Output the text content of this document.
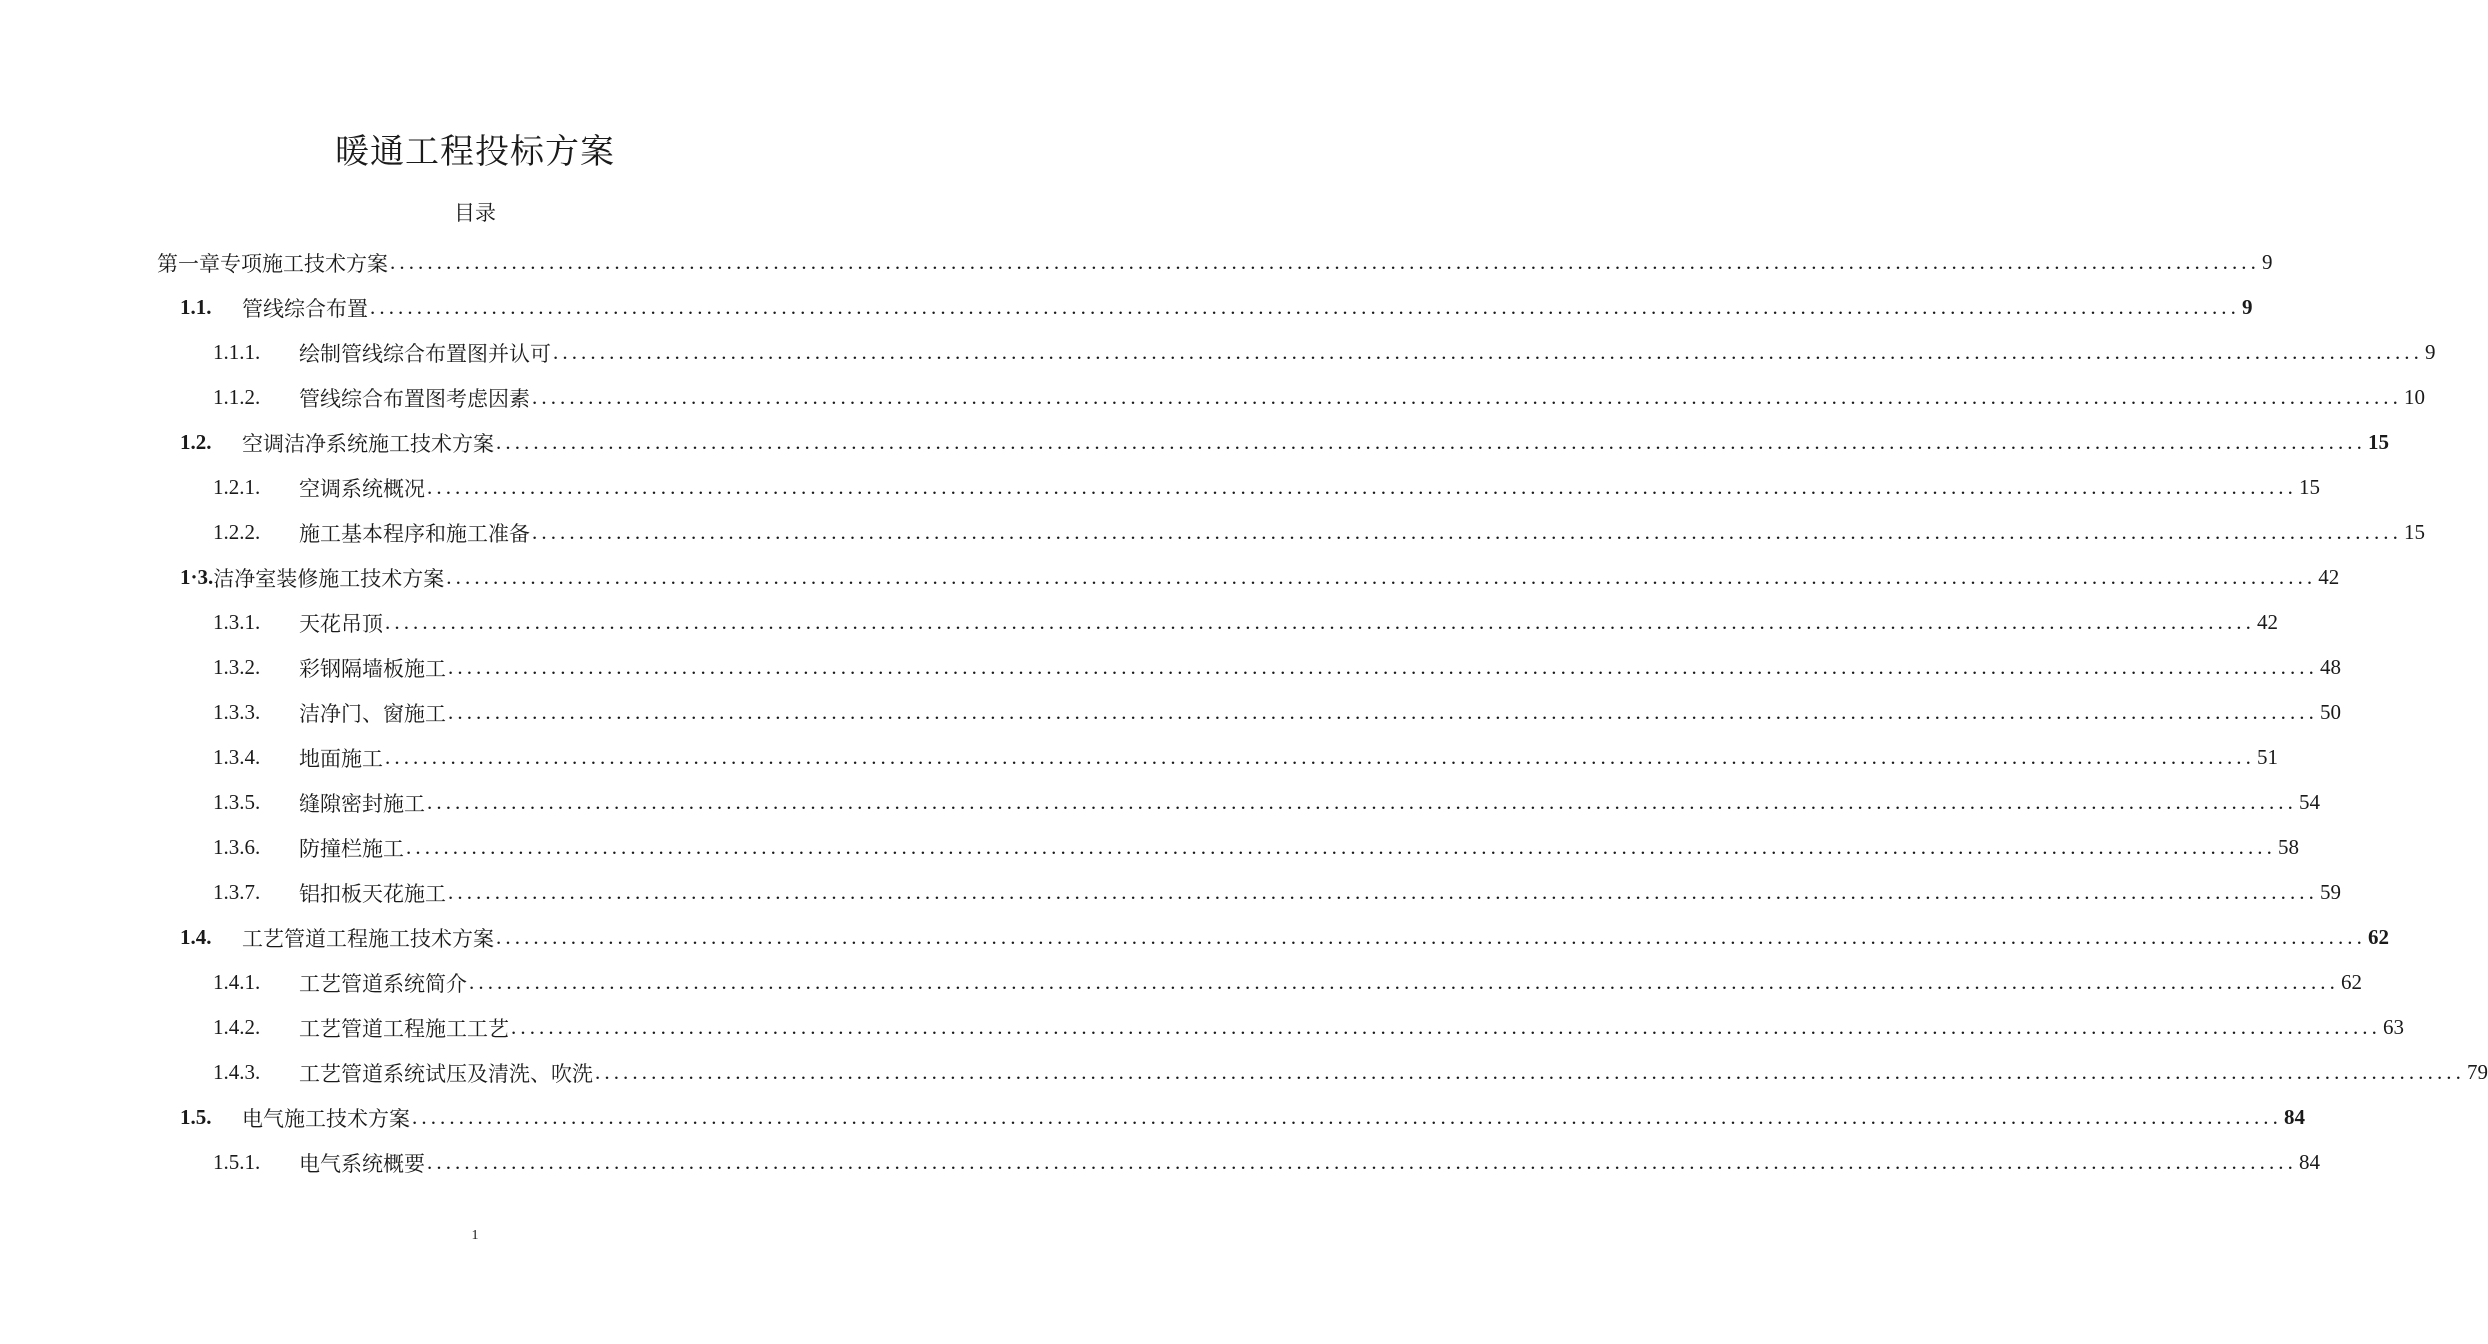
暖通工程投标方案
目录
第一章专项施工技术方案 ........................................................................................................................................................................................................ 9
1.1.	管线综合布置 ........................................................................................................................................................................................................ 9
1.1.1.	绘制管线综合布置图并认可 ........................................................................................................................................................................................................ 9
1.1.2.	管线综合布置图考虑因素 ........................................................................................................................................................................................................ 10
1.2.	空调洁净系统施工技术方案 ........................................................................................................................................................................................................ 15
1.2.1.	空调系统概况 ........................................................................................................................................................................................................ 15
1.2.2.	施工基本程序和施工准备 ........................................................................................................................................................................................................ 15
1·3. 洁净室装修施工技术方案 ........................................................................................................................................................................................................ 42
1.3.1.	天花吊顶 ........................................................................................................................................................................................................ 42
1.3.2.	彩钢隔墙板施工 ........................................................................................................................................................................................................ 48
1.3.3.	洁净门、窗施工 ........................................................................................................................................................................................................ 50
1.3.4.	地面施工 ........................................................................................................................................................................................................ 51
1.3.5.	缝隙密封施工 ........................................................................................................................................................................................................ 54
1.3.6.	防撞栏施工 ........................................................................................................................................................................................................ 58
1.3.7.	铝扣板天花施工 ........................................................................................................................................................................................................ 59
1.4.	工艺管道工程施工技术方案 ........................................................................................................................................................................................................ 62
1.4.1.	工艺管道系统简介 ........................................................................................................................................................................................................ 62
1.4.2.	工艺管道工程施工工艺 ........................................................................................................................................................................................................ 63
1.4.3.	工艺管道系统试压及清洗、吹洗 ........................................................................................................................................................................................................ 79
1.5.	电气施工技术方案 ........................................................................................................................................................................................................ 84
1.5.1.	电气系统概要 ........................................................................................................................................................................................................ 84
1
